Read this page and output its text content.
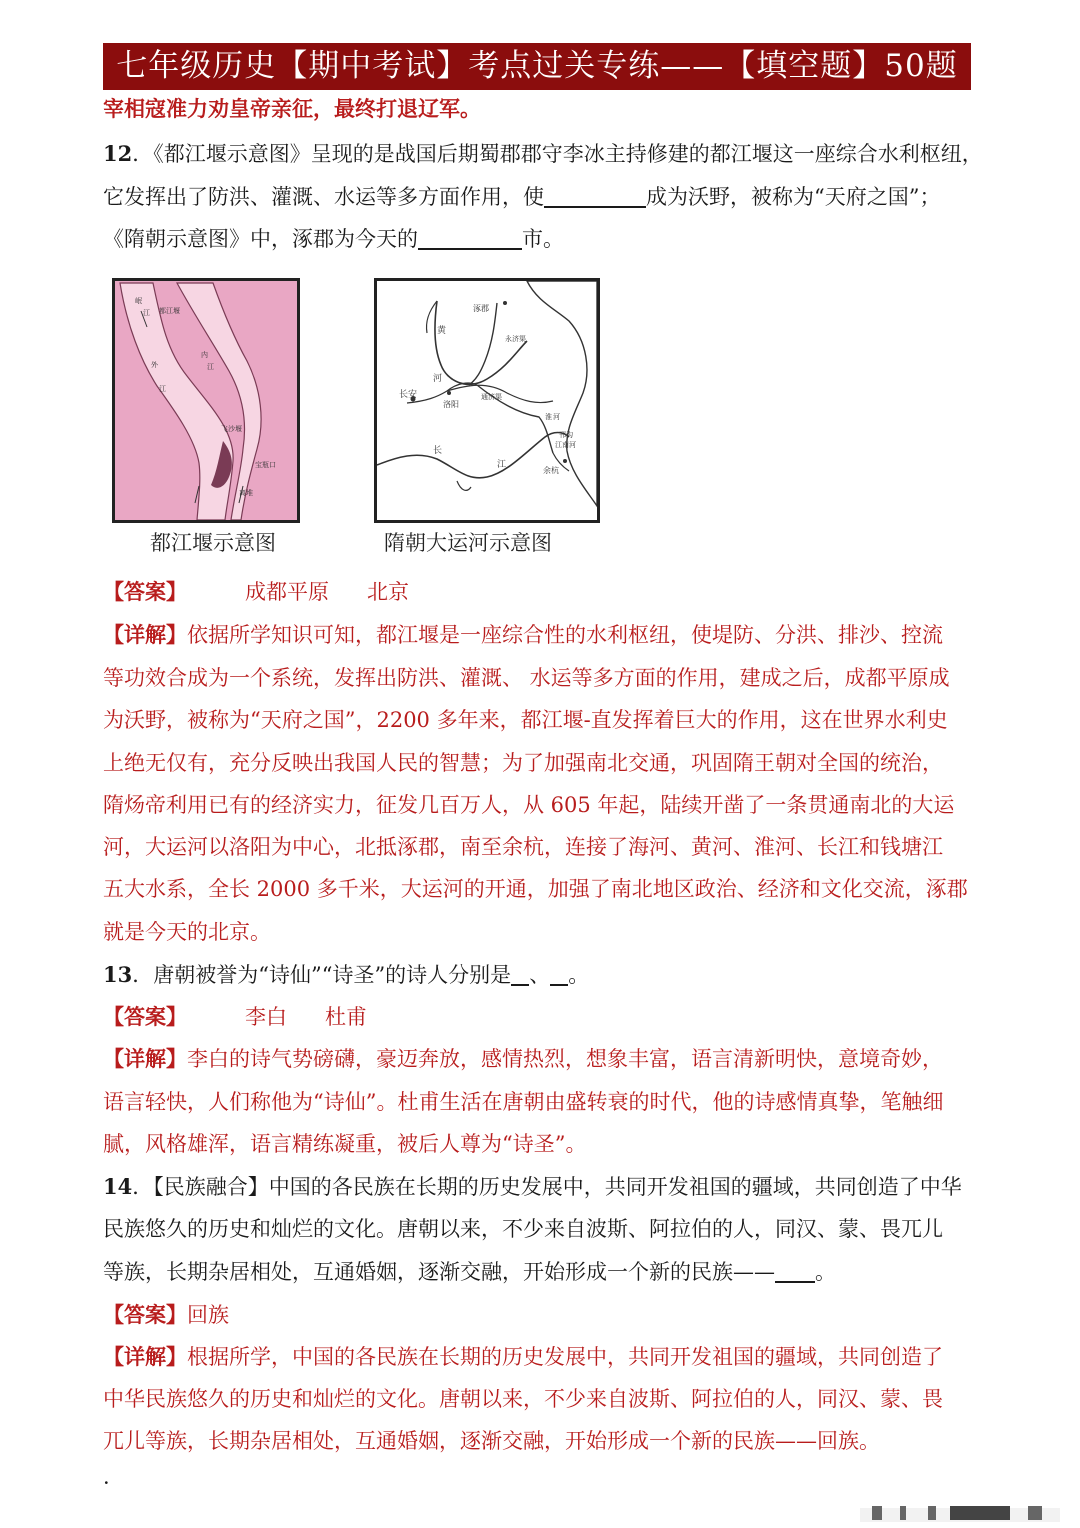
七年级历史【期中考试】考点过关专练——【填空题】50题
宰相寇准力劝皇帝亲征，最终打退辽军。
12．《都江堰示意图》呈现的是战国后期蜀郡郡守李冰主持修建的都江堰这一座综合水利枢纽，
它发挥出了防洪、灌溉、水运等多方面作用，使	成为沃野，被称为“天府之国”；
《隋朝示意图》中，涿郡为今天的	市。
岷
江 都江堰
内
江
外
江
飞沙堰
宝瓶口
离堆
都江堰示意图
涿郡
黄
河
永济渠
长安
洛阳
通济渠
淮 河
邗沟
长
江
江南河
余杭
隋朝大运河示意图
【答案】	成都平原 北京
【详解】依据所学知识可知，都江堰是一座综合性的水利枢纽，使堤防、分洪、排沙、控流
等功效合成为一个系统，发挥出防洪、灌溉、 水运等多方面的作用，建成之后，成都平原成
为沃野，被称为“天府之国”，2200 多年来，都江堰-直发挥着巨大的作用，这在世界水利史
上绝无仅有，充分反映出我国人民的智慧；为了加强南北交通，巩固隋王朝对全国的统治，
隋炀帝利用已有的经济实力，征发几百万人，从 605 年起，陆续开凿了一条贯通南北的大运
河，大运河以洛阳为中心，北抵涿郡，南至余杭，连接了海河、黄河、淮河、长江和钱塘江
五大水系，全长 2000 多千米，大运河的开通，加强了南北地区政治、经济和文化交流，涿郡
就是今天的北京。
13．唐朝被誉为“诗仙”“诗圣”的诗人分别是 、 。
【答案】	李白 杜甫
【详解】李白的诗气势磅礴，豪迈奔放，感情热烈，想象丰富，语言清新明快，意境奇妙，
语言轻快，人们称他为“诗仙”。杜甫生活在唐朝由盛转衰的时代，他的诗感情真挚，笔触细
腻，风格雄浑，语言精练凝重，被后人尊为“诗圣”。
14．【民族融合】中国的各民族在长期的历史发展中，共同开发祖国的疆域，共同创造了中华
民族悠久的历史和灿烂的文化。唐朝以来，不少来自波斯、阿拉伯的人，同汉、蒙、畏兀儿
等族，长期杂居相处，互通婚姻，逐渐交融，开始形成一个新的民族—— 。
【答案】回族
【详解】根据所学，中国的各民族在长期的历史发展中，共同开发祖国的疆域，共同创造了
中华民族悠久的历史和灿烂的文化。唐朝以来，不少来自波斯、阿拉伯的人，同汉、蒙、畏
兀儿等族，长期杂居相处，互通婚姻，逐渐交融，开始形成一个新的民族——回族。
·
